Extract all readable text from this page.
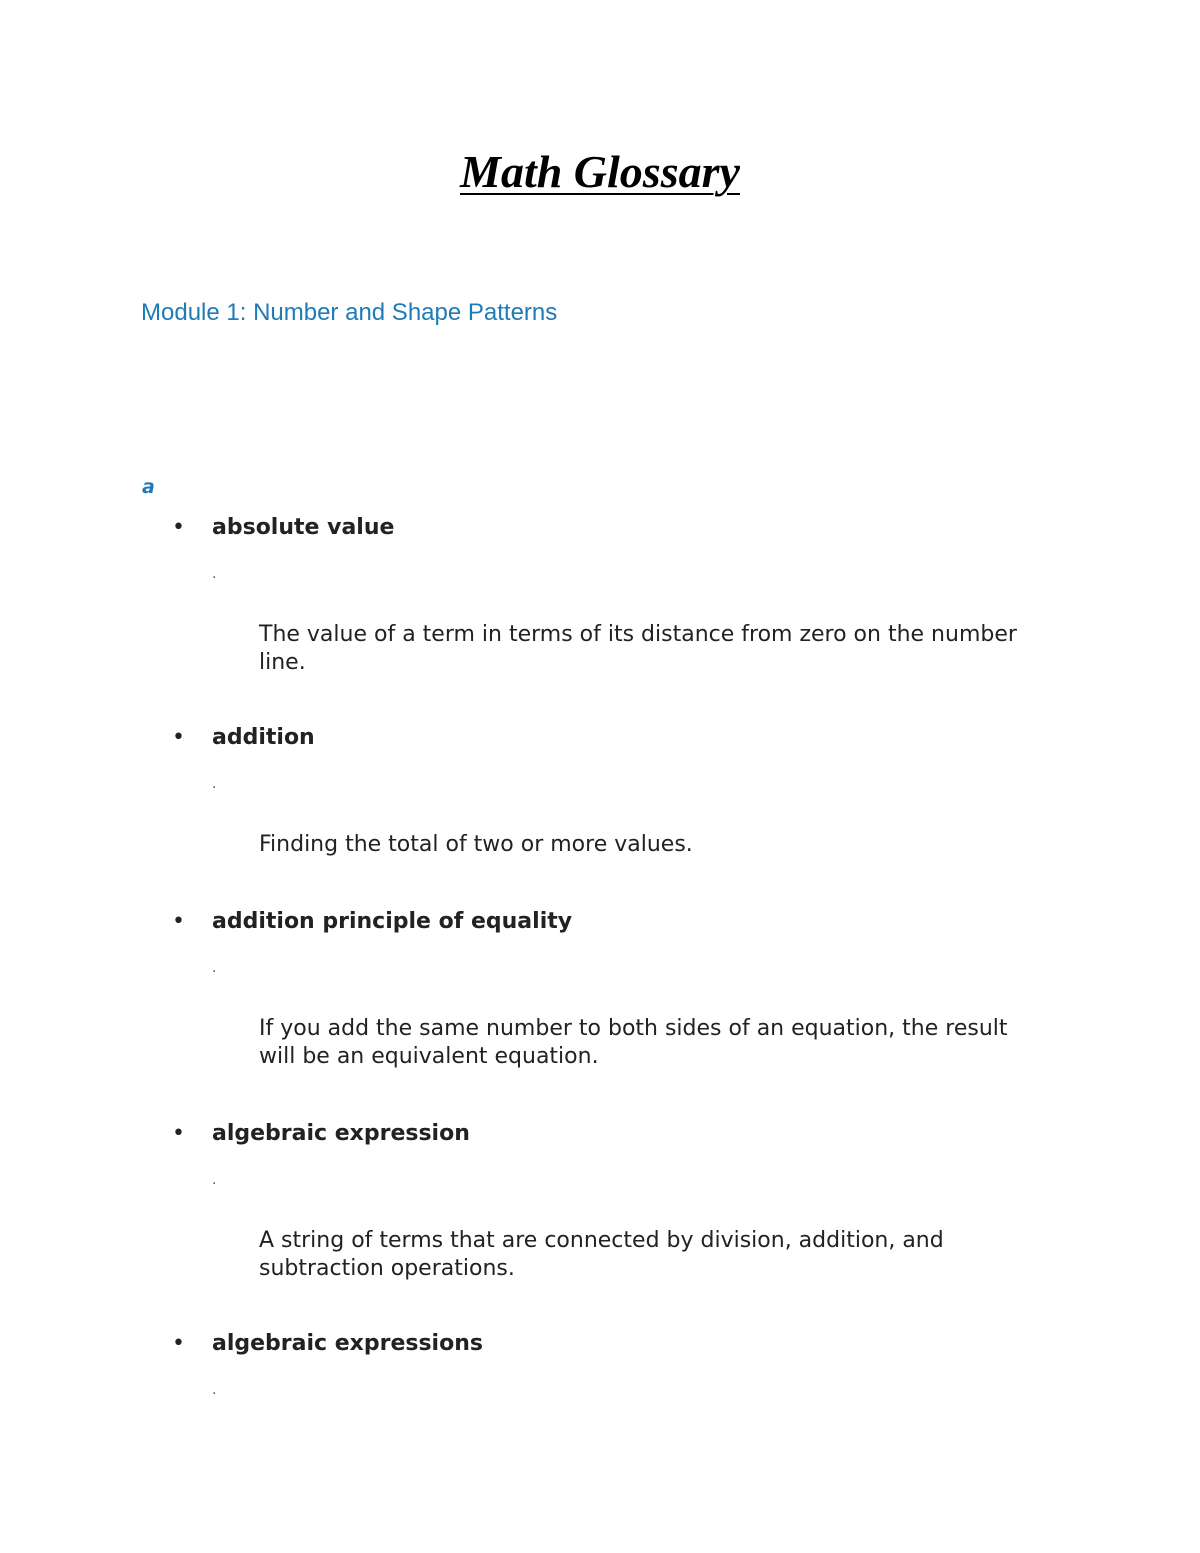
Math Glossary
Module 1: Number and Shape Patterns
a
• absolute value
.
The value of a term in terms of its distance from zero on the number line.
• addition
.
Finding the total of two or more values.
• addition principle of equality
.
If you add the same number to both sides of an equation, the result will be an equivalent equation.
• algebraic expression
.
A string of terms that are connected by division, addition, and subtraction operations.
• algebraic expressions
.
